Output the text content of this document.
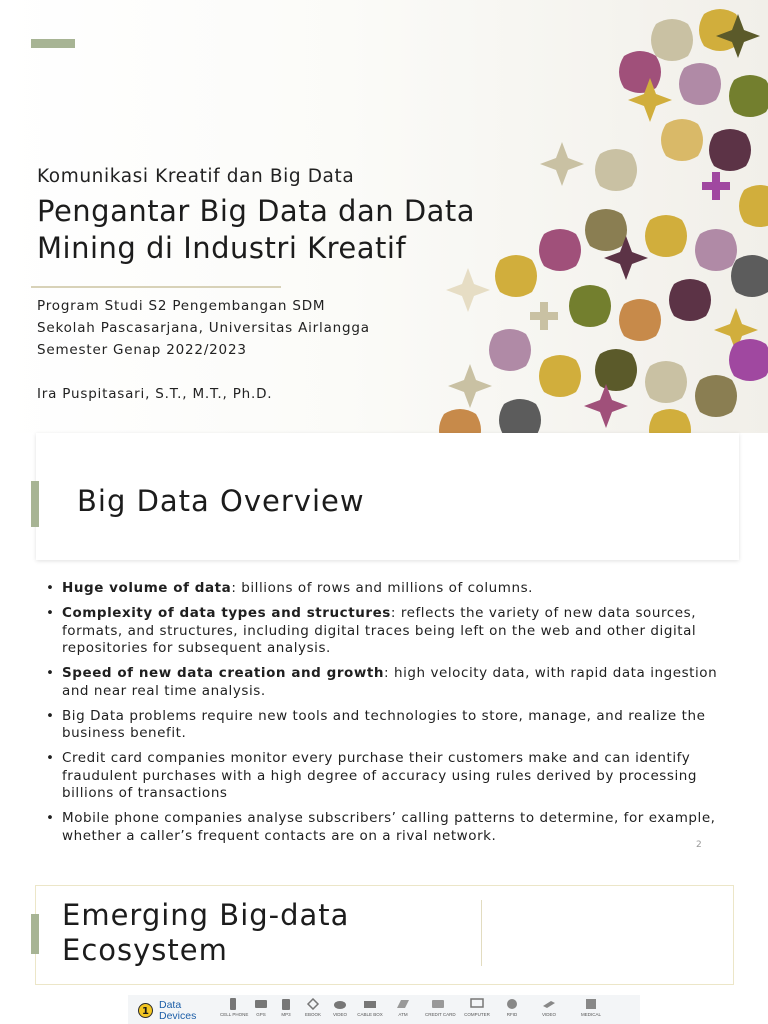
Komunikasi Kreatif dan Big Data
Pengantar Big Data dan Data
Mining di Industri Kreatif
Program Studi S2 Pengembangan SDM
Sekolah Pascasarjana, Universitas Airlangga
Semester Genap 2022/2023
Ira Puspitasari, S.T., M.T., Ph.D.
Big Data Overview
• Huge volume of data: billions of rows and millions of columns.
• Complexity of data types and structures: reflects the variety of new data sources, formats, and structures, including digital traces being left on the web and other digital repositories for subsequent analysis.
• Speed of new data creation and growth: high velocity data, with rapid data ingestion and near real time analysis.
• Big Data problems require new tools and technologies to store, manage, and realize the business benefit.
• Credit card companies monitor every purchase their customers make and can identify fraudulent purchases with a high degree of accuracy using rules derived by processing billions of transactions
• Mobile phone companies analyse subscribers’ calling patterns to determine, for example, whether a caller’s frequent contacts are on a rival network.
2
Emerging Big-data
Ecosystem
1
Data
Devices	CELL PHONE	GPS	MP3	EBOOK	VIDEO	CABLE BOX	ATM	CREDIT CARD COMPUTER	RFID	VIDEO	MEDICAL
